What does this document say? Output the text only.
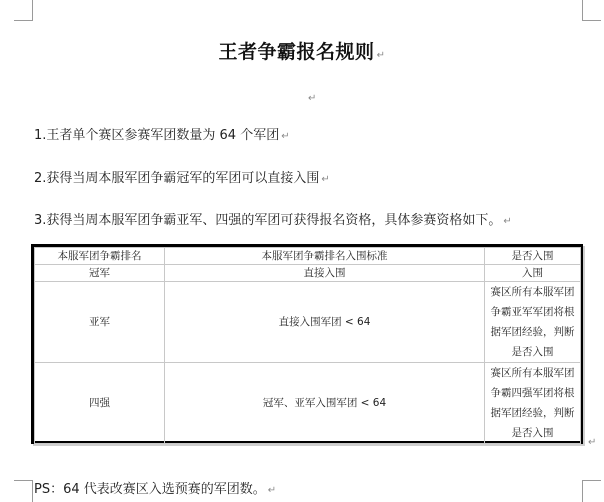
王者争霸报名规则 ↵
↵
1.王者单个赛区参赛军团数量为 64 个军团 ↵
2.获得当周本服军团争霸冠军的军团可以直接入围 ↵
3.获得当周本服军团争霸亚军、四强的军团可获得报名资格，具体参赛资格如下。 ↵
本服军团争霸排名	本服军团争霸排名入围标准	是否入围
冠军	直接入围	入围
亚军	直接入围军团 < 64	赛区所有本服军团争霸亚军军团将根据军团经验，判断是否入围
四强	冠军、亚军入围军团 < 64	赛区所有本服军团争霸四强军团将根据军团经验，判断是否入围
↵
PS：64 代表改赛区入选预赛的军团数。 ↵
